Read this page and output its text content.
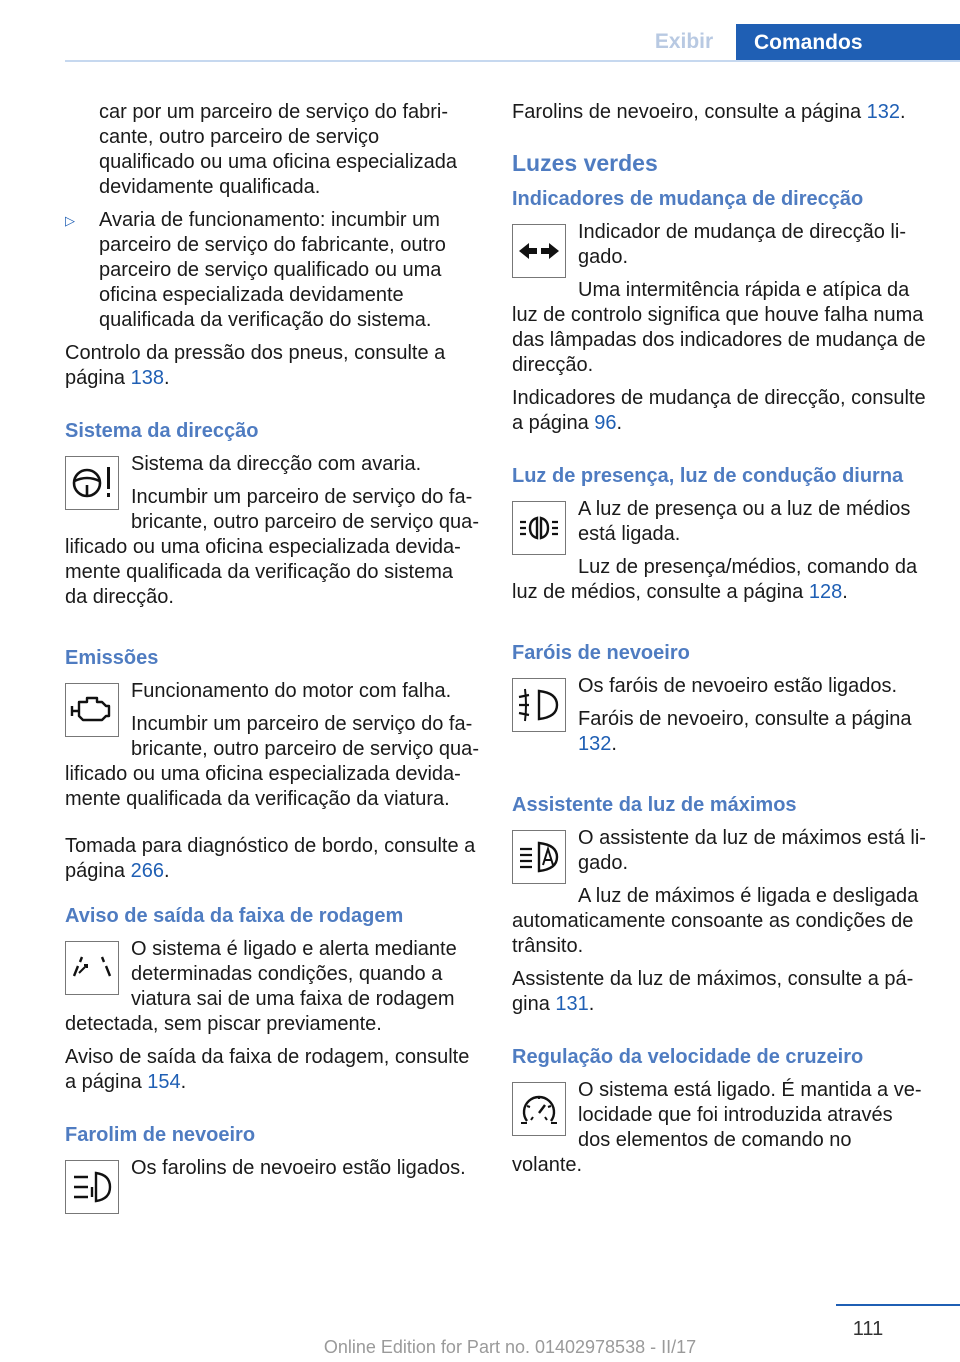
Exibir	Comandos

car por um parceiro de serviço do fabricante, outro parceiro de serviço qualificado ou uma oficina especializada devidamente qualificada.

▷ Avaria de funcionamento: incumbir um parceiro de serviço do fabricante, outro parceiro de serviço qualificado ou uma oficina especializada devidamente qualificada da verificação do sistema.

Controlo da pressão dos pneus, consulte a página 138.

Sistema da direcção

Sistema da direcção com avaria.

Incumbir um parceiro de serviço do fabricante, outro parceiro de serviço qualificado ou uma oficina especializada devidamente qualificada da verificação do sistema da direcção.

Emissões

Funcionamento do motor com falha.

Incumbir um parceiro de serviço do fabricante, outro parceiro de serviço qualificado ou uma oficina especializada devidamente qualificada da verificação da viatura.

Tomada para diagnóstico de bordo, consulte a página 266.

Aviso de saída da faixa de rodagem

O sistema é ligado e alerta mediante determinadas condições, quando a viatura sai de uma faixa de rodagem detectada, sem piscar previamente.

Aviso de saída da faixa de rodagem, consulte a página 154.

Farolim de nevoeiro

Os farolins de nevoeiro estão ligados.

Farolins de nevoeiro, consulte a página 132.

Luzes verdes
Indicadores de mudança de direcção

Indicador de mudança de direcção ligado.

Uma intermitência rápida e atípica da luz de controlo significa que houve falha numa das lâmpadas dos indicadores de mudança de direcção.

Indicadores de mudança de direcção, consulte a página 96.

Luz de presença, luz de condução diurna

A luz de presença ou a luz de médios está ligada.

Luz de presença/médios, comando da luz de médios, consulte a página 128.

Faróis de nevoeiro

Os faróis de nevoeiro estão ligados.

Faróis de nevoeiro, consulte a página 132.

Assistente da luz de máximos

O assistente da luz de máximos está ligado.

A luz de máximos é ligada e desligada automaticamente consoante as condições de trânsito.

Assistente da luz de máximos, consulte a página 131.

Regulação da velocidade de cruzeiro

O sistema está ligado. É mantida a velocidade que foi introduzida através dos elementos de comando no volante.

111
Online Edition for Part no. 01402978538 - II/17
